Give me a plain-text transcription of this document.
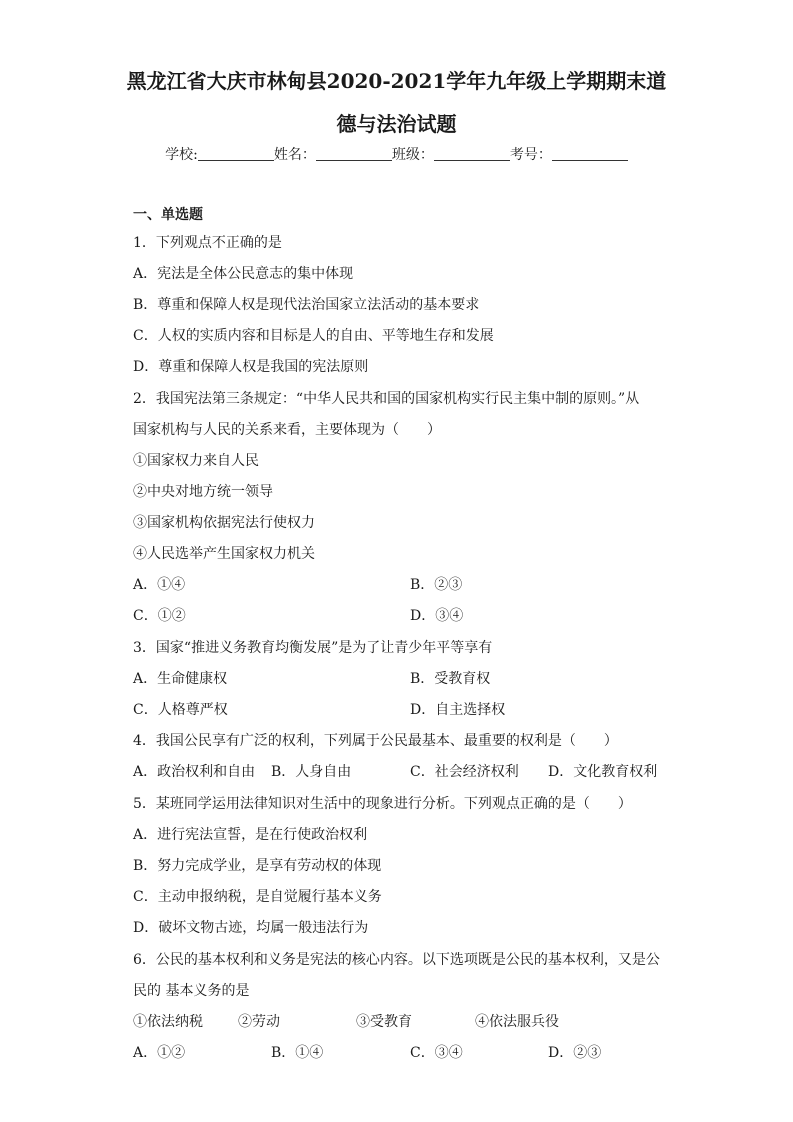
黑龙江省大庆市林甸县2020-2021学年九年级上学期期末道
德与法治试题
学校:	姓名：	班级：	考号：
一、单选题
1．下列观点不正确的是
A．宪法是全体公民意志的集中体现
B．尊重和保障人权是现代法治国家立法活动的基本要求
C．人权的实质内容和目标是人的自由、平等地生存和发展
D．尊重和保障人权是我国的宪法原则
2．我国宪法第三条规定：“中华人民共和国的国家机构实行民主集中制的原则。”从
国家机构与人民的关系来看，主要体现为（　　）
①国家权力来自人民
②中央对地方统一领导
③国家机构依据宪法行使权力
④人民选举产生国家权力机关
A．①④	B．②③
C．①②	D．③④
3．国家“推进义务教育均衡发展”是为了让青少年平等享有
A．生命健康权	B．受教育权
C．人格尊严权	D．自主选择权
4．我国公民享有广泛的权利，下列属于公民最基本、最重要的权利是（　　）
A．政治权利和自由 B．人身自由	C．社会经济权利 D．文化教育权利
5．某班同学运用法律知识对生活中的现象进行分析。下列观点正确的是（　　）
A．进行宪法宣誓，是在行使政治权利
B．努力完成学业，是享有劳动权的体现
C．主动申报纳税，是自觉履行基本义务
D．破坏文物古迹，均属一般违法行为
6．公民的基本权利和义务是宪法的核心内容。以下选项既是公民的基本权利，又是公
民的 基本义务的是
①依法纳税	②劳动	③受教育	④依法服兵役
A．①②	B．①④	C．③④	D．②③
